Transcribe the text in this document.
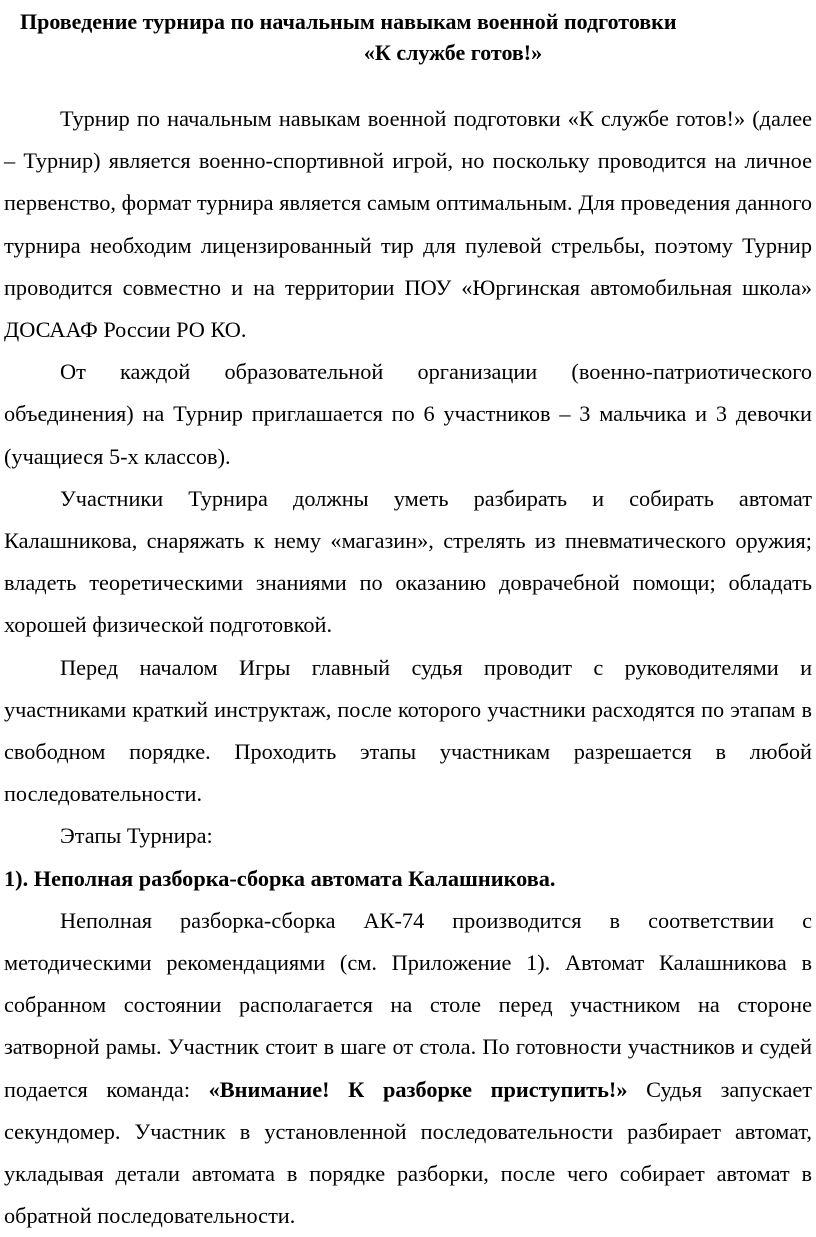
Проведение турнира по начальным навыкам военной подготовки
«К службе готов!»

Турнир по начальным навыкам военной подготовки «К службе готов!» (далее – Турнир) является военно-спортивной игрой, но поскольку проводится на личное первенство, формат турнира является самым оптимальным. Для проведения данного турнира необходим лицензированный тир для пулевой стрельбы, поэтому Турнир проводится совместно и на территории ПОУ «Юргинская автомобильная школа» ДОСААФ России РО КО.

От каждой образовательной организации (военно-патриотического объединения) на Турнир приглашается по 6 участников – 3 мальчика и 3 девочки (учащиеся 5-х классов).

Участники Турнира должны уметь разбирать и собирать автомат Калашникова, снаряжать к нему «магазин», стрелять из пневматического оружия; владеть теоретическими знаниями по оказанию доврачебной помощи; обладать хорошей физической подготовкой.

Перед началом Игры главный судья проводит с руководителями и участниками краткий инструктаж, после которого участники расходятся по этапам в свободном порядке. Проходить этапы участникам разрешается в любой последовательности.

Этапы Турнира:

1). Неполная разборка-сборка автомата Калашникова.

Неполная разборка-сборка АК-74 производится в соответствии с методическими рекомендациями (см. Приложение 1). Автомат Калашникова в собранном состоянии располагается на столе перед участником на стороне затворной рамы. Участник стоит в шаге от стола. По готовности участников и судей подается команда: «Внимание! К разборке приступить!» Судья запускает секундомер. Участник в установленной последовательности разбирает автомат, укладывая детали автомата в порядке разборки, после чего собирает автомат в обратной последовательности.
